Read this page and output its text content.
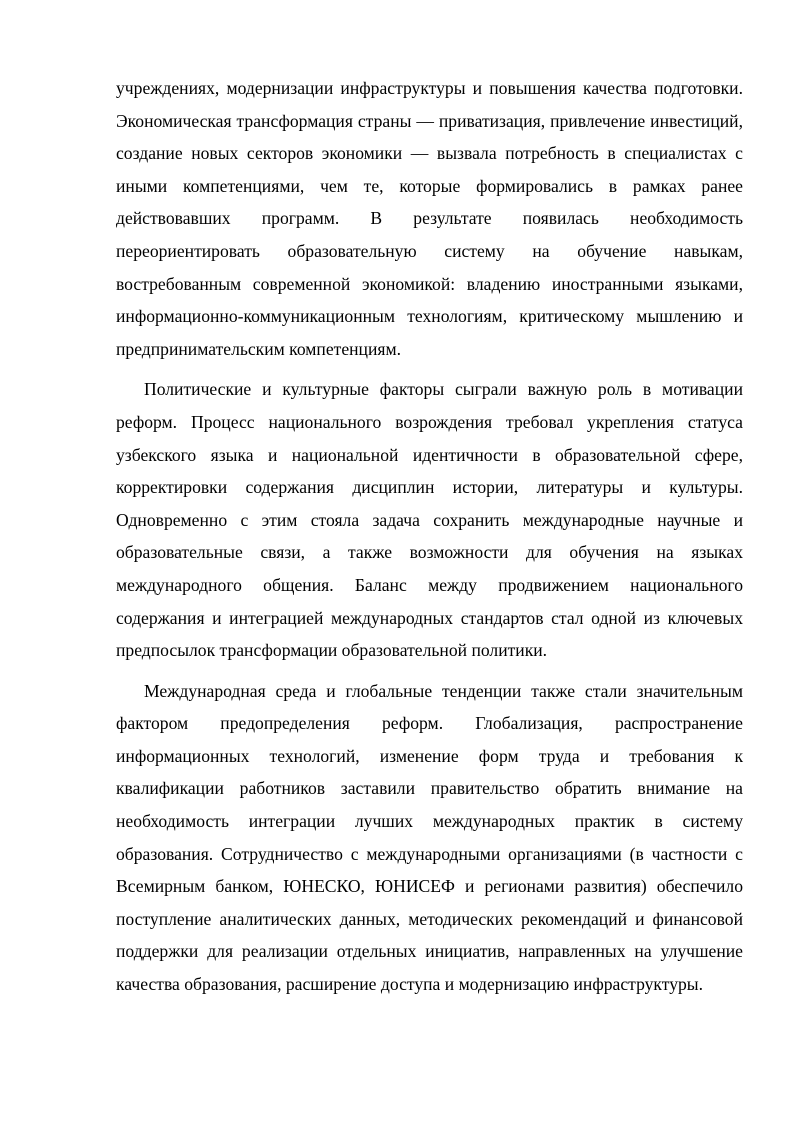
учреждениях, модернизации инфраструктуры и повышения качества подготовки. Экономическая трансформация страны — приватизация, привлечение инвестиций, создание новых секторов экономики — вызвала потребность в специалистах с иными компетенциями, чем те, которые формировались в рамках ранее действовавших программ. В результате появилась необходимость переориентировать образовательную систему на обучение навыкам, востребованным современной экономикой: владению иностранными языками, информационно-коммуникационным технологиям, критическому мышлению и предпринимательским компетенциям.

Политические и культурные факторы сыграли важную роль в мотивации реформ. Процесс национального возрождения требовал укрепления статуса узбекского языка и национальной идентичности в образовательной сфере, корректировки содержания дисциплин истории, литературы и культуры. Одновременно с этим стояла задача сохранить международные научные и образовательные связи, а также возможности для обучения на языках международного общения. Баланс между продвижением национального содержания и интеграцией международных стандартов стал одной из ключевых предпосылок трансформации образовательной политики.

Международная среда и глобальные тенденции также стали значительным фактором предопределения реформ. Глобализация, распространение информационных технологий, изменение форм труда и требования к квалификации работников заставили правительство обратить внимание на необходимость интеграции лучших международных практик в систему образования. Сотрудничество с международными организациями (в частности с Всемирным банком, ЮНЕСКО, ЮНИСЕФ и регионами развития) обеспечило поступление аналитических данных, методических рекомендаций и финансовой поддержки для реализации отдельных инициатив, направленных на улучшение качества образования, расширение доступа и модернизацию инфраструктуры.
